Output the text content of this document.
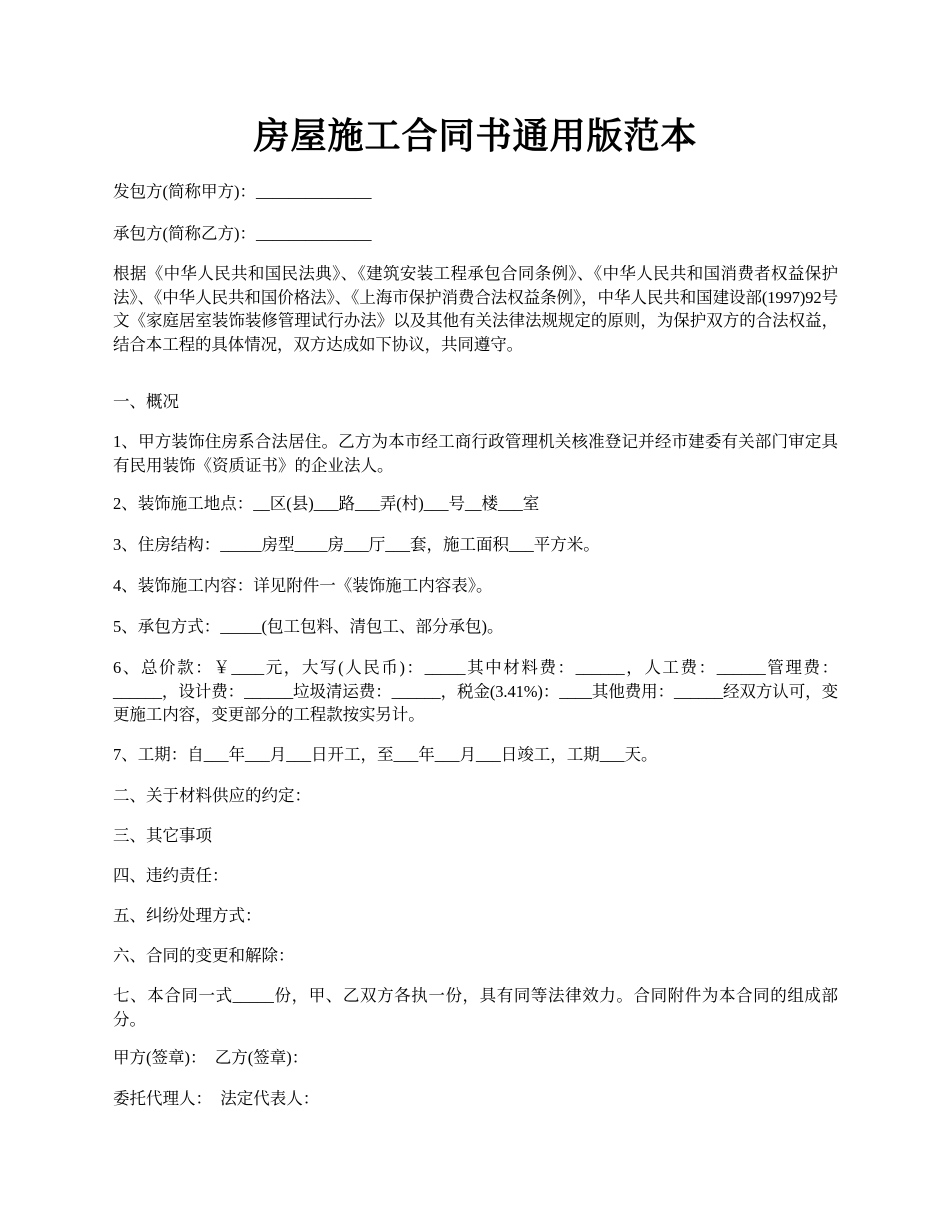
房屋施工合同书通用版范本

发包方(简称甲方)：______________

承包方(简称乙方)：______________

根据《中华人民共和国民法典》、《建筑安装工程承包合同条例》、《中华人民共和国消费者权益保护法》、《中华人民共和国价格法》、《上海市保护消费合法权益条例》，中华人民共和国建设部(1997)92号文《家庭居室装饰装修管理试行办法》以及其他有关法律法规规定的原则，为保护双方的合法权益，结合本工程的具体情况，双方达成如下协议，共同遵守。

一、概况

1、甲方装饰住房系合法居住。乙方为本市经工商行政管理机关核准登记并经市建委有关部门审定具有民用装饰《资质证书》的企业法人。

2、装饰施工地点：__区(县)___路___弄(村)___号__楼___室

3、住房结构：_____房型____房___厅___套，施工面积___平方米。

4、装饰施工内容：详见附件一《装饰施工内容表》。

5、承包方式：_____(包工包料、清包工、部分承包)。

6、总价款：￥____元，大写(人民币)：_____其中材料费：______，人工费：______管理费：______，设计费：______垃圾清运费：______，税金(3.41%)：____其他费用：______经双方认可，变更施工内容，变更部分的工程款按实另计。

7、工期：自___年___月___日开工，至___年___月___日竣工，工期___天。

二、关于材料供应的约定：

三、其它事项

四、违约责任：

五、纠纷处理方式：

六、合同的变更和解除：

七、本合同一式_____份，甲、乙双方各执一份，具有同等法律效力。合同附件为本合同的组成部分。

甲方(签章)：  乙方(签章)：

委托代理人：  法定代表人：
